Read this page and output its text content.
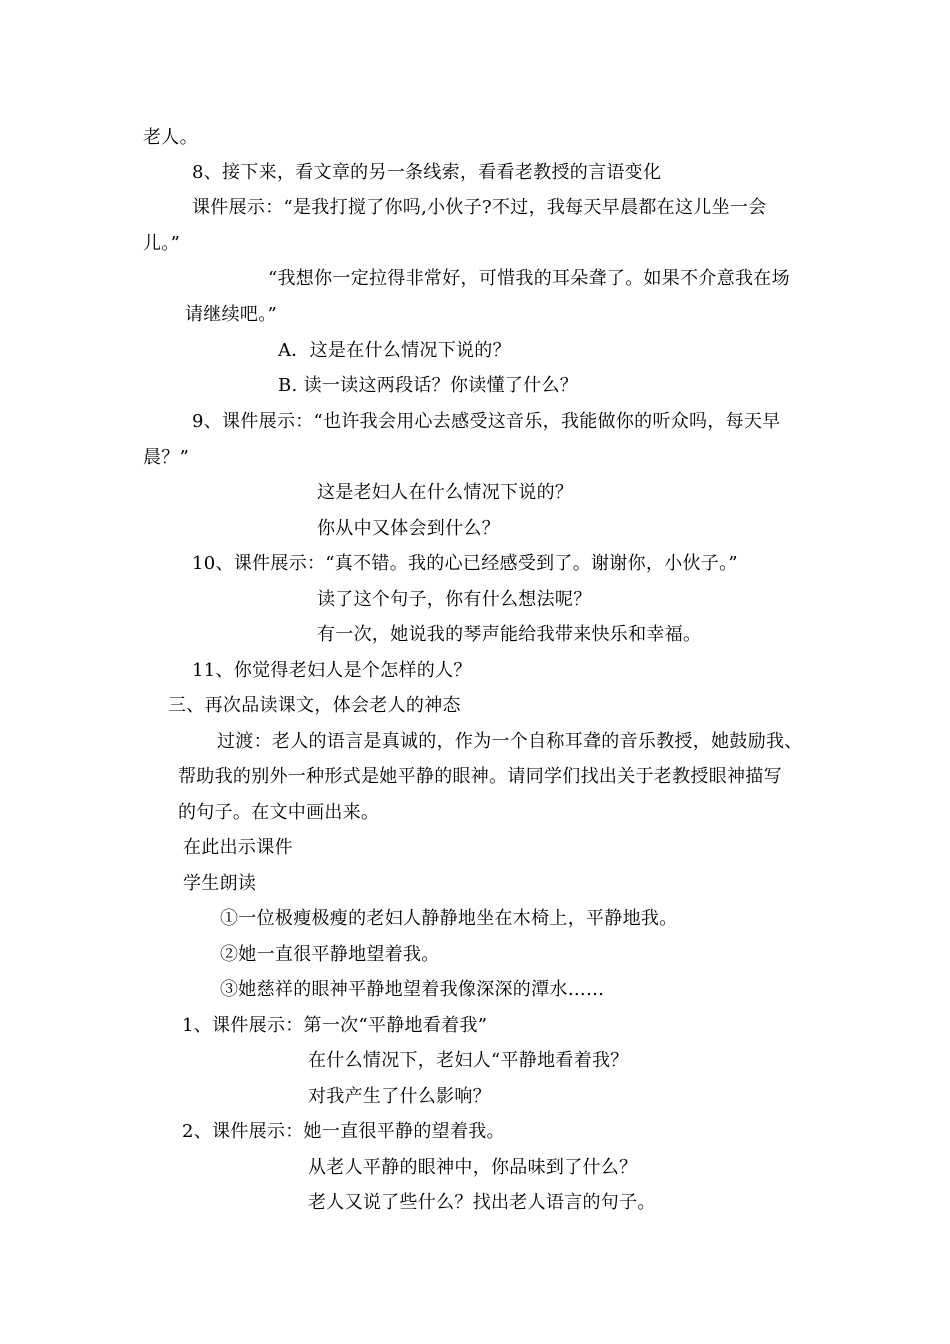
老人。
8、接下来，看文章的另一条线索，看看老教授的言语变化
课件展示：“是我打搅了你吗,小伙子?不过，我每天早晨都在这儿坐一会
儿。”
“我想你一定拉得非常好，可惜我的耳朵聋了。如果不介意我在场
请继续吧。”
A．这是在什么情况下说的？
B. 读一读这两段话？你读懂了什么？
9、课件展示：“也许我会用心去感受这音乐，我能做你的听众吗，每天早
晨？”
这是老妇人在什么情况下说的？
你从中又体会到什么？
10、课件展示：“真不错。我的心已经感受到了。谢谢你，小伙子。”
读了这个句子，你有什么想法呢？
有一次，她说我的琴声能给我带来快乐和幸福。
11、你觉得老妇人是个怎样的人？
三、再次品读课文，体会老人的神态
过渡：老人的语言是真诚的，作为一个自称耳聋的音乐教授，她鼓励我、
帮助我的别外一种形式是她平静的眼神。请同学们找出关于老教授眼神描写
的句子。在文中画出来。
在此出示课件
学生朗读
①一位极瘦极瘦的老妇人静静地坐在木椅上，平静地我。
②她一直很平静地望着我。
③她慈祥的眼神平静地望着我像深深的潭水……
1、课件展示：第一次“平静地看着我”
在什么情况下，老妇人“平静地看着我？
对我产生了什么影响？
2、课件展示：她一直很平静的望着我。
从老人平静的眼神中，你品味到了什么？
老人又说了些什么？找出老人语言的句子。
